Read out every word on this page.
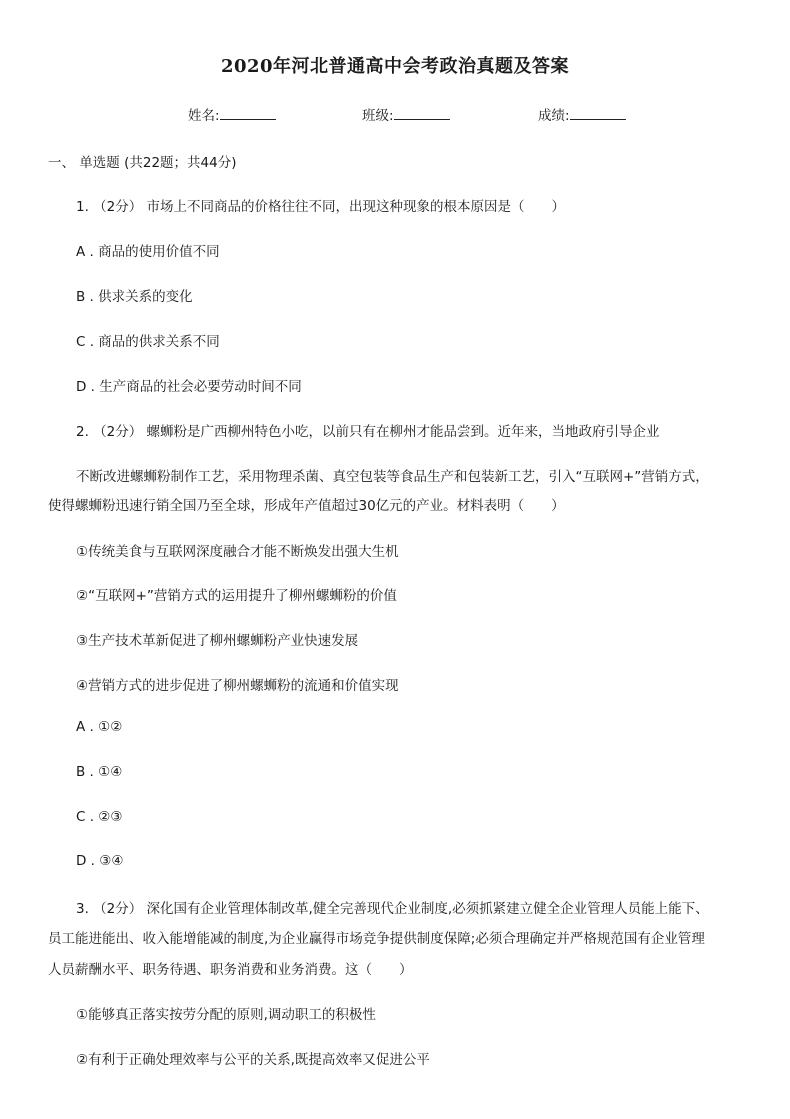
2020年河北普通高中会考政治真题及答案
姓名:	班级:	成绩:
一、 单选题 (共22题；共44分)
1. （2分） 市场上不同商品的价格往往不同，出现这种现象的根本原因是（　　）
A . 商品的使用价值不同
B . 供求关系的变化
C . 商品的供求关系不同
D . 生产商品的社会必要劳动时间不同
2. （2分） 螺蛳粉是广西柳州特色小吃，以前只有在柳州才能品尝到。近年来，当地政府引导企业
不断改进螺蛳粉制作工艺，采用物理杀菌、真空包装等食品生产和包装新工艺，引入“互联网+”营销方式，
使得螺蛳粉迅速行销全国乃至全球，形成年产值超过30亿元的产业。材料表明（　　）
①传统美食与互联网深度融合才能不断焕发出强大生机
②“互联网+”营销方式的运用提升了柳州螺蛳粉的价值
③生产技术革新促进了柳州螺蛳粉产业快速发展
④营销方式的进步促进了柳州螺蛳粉的流通和价值实现
A . ①②
B . ①④
C . ②③
D . ③④
3. （2分） 深化国有企业管理体制改革,健全完善现代企业制度,必须抓紧建立健全企业管理人员能上能下、
员工能进能出、收入能增能减的制度,为企业赢得市场竞争提供制度保障;必须合理确定并严格规范国有企业管理
人员薪酬水平、职务待遇、职务消费和业务消费。这（　　）
①能够真正落实按劳分配的原则,调动职工的积极性
②有利于正确处理效率与公平的关系,既提高效率又促进公平
